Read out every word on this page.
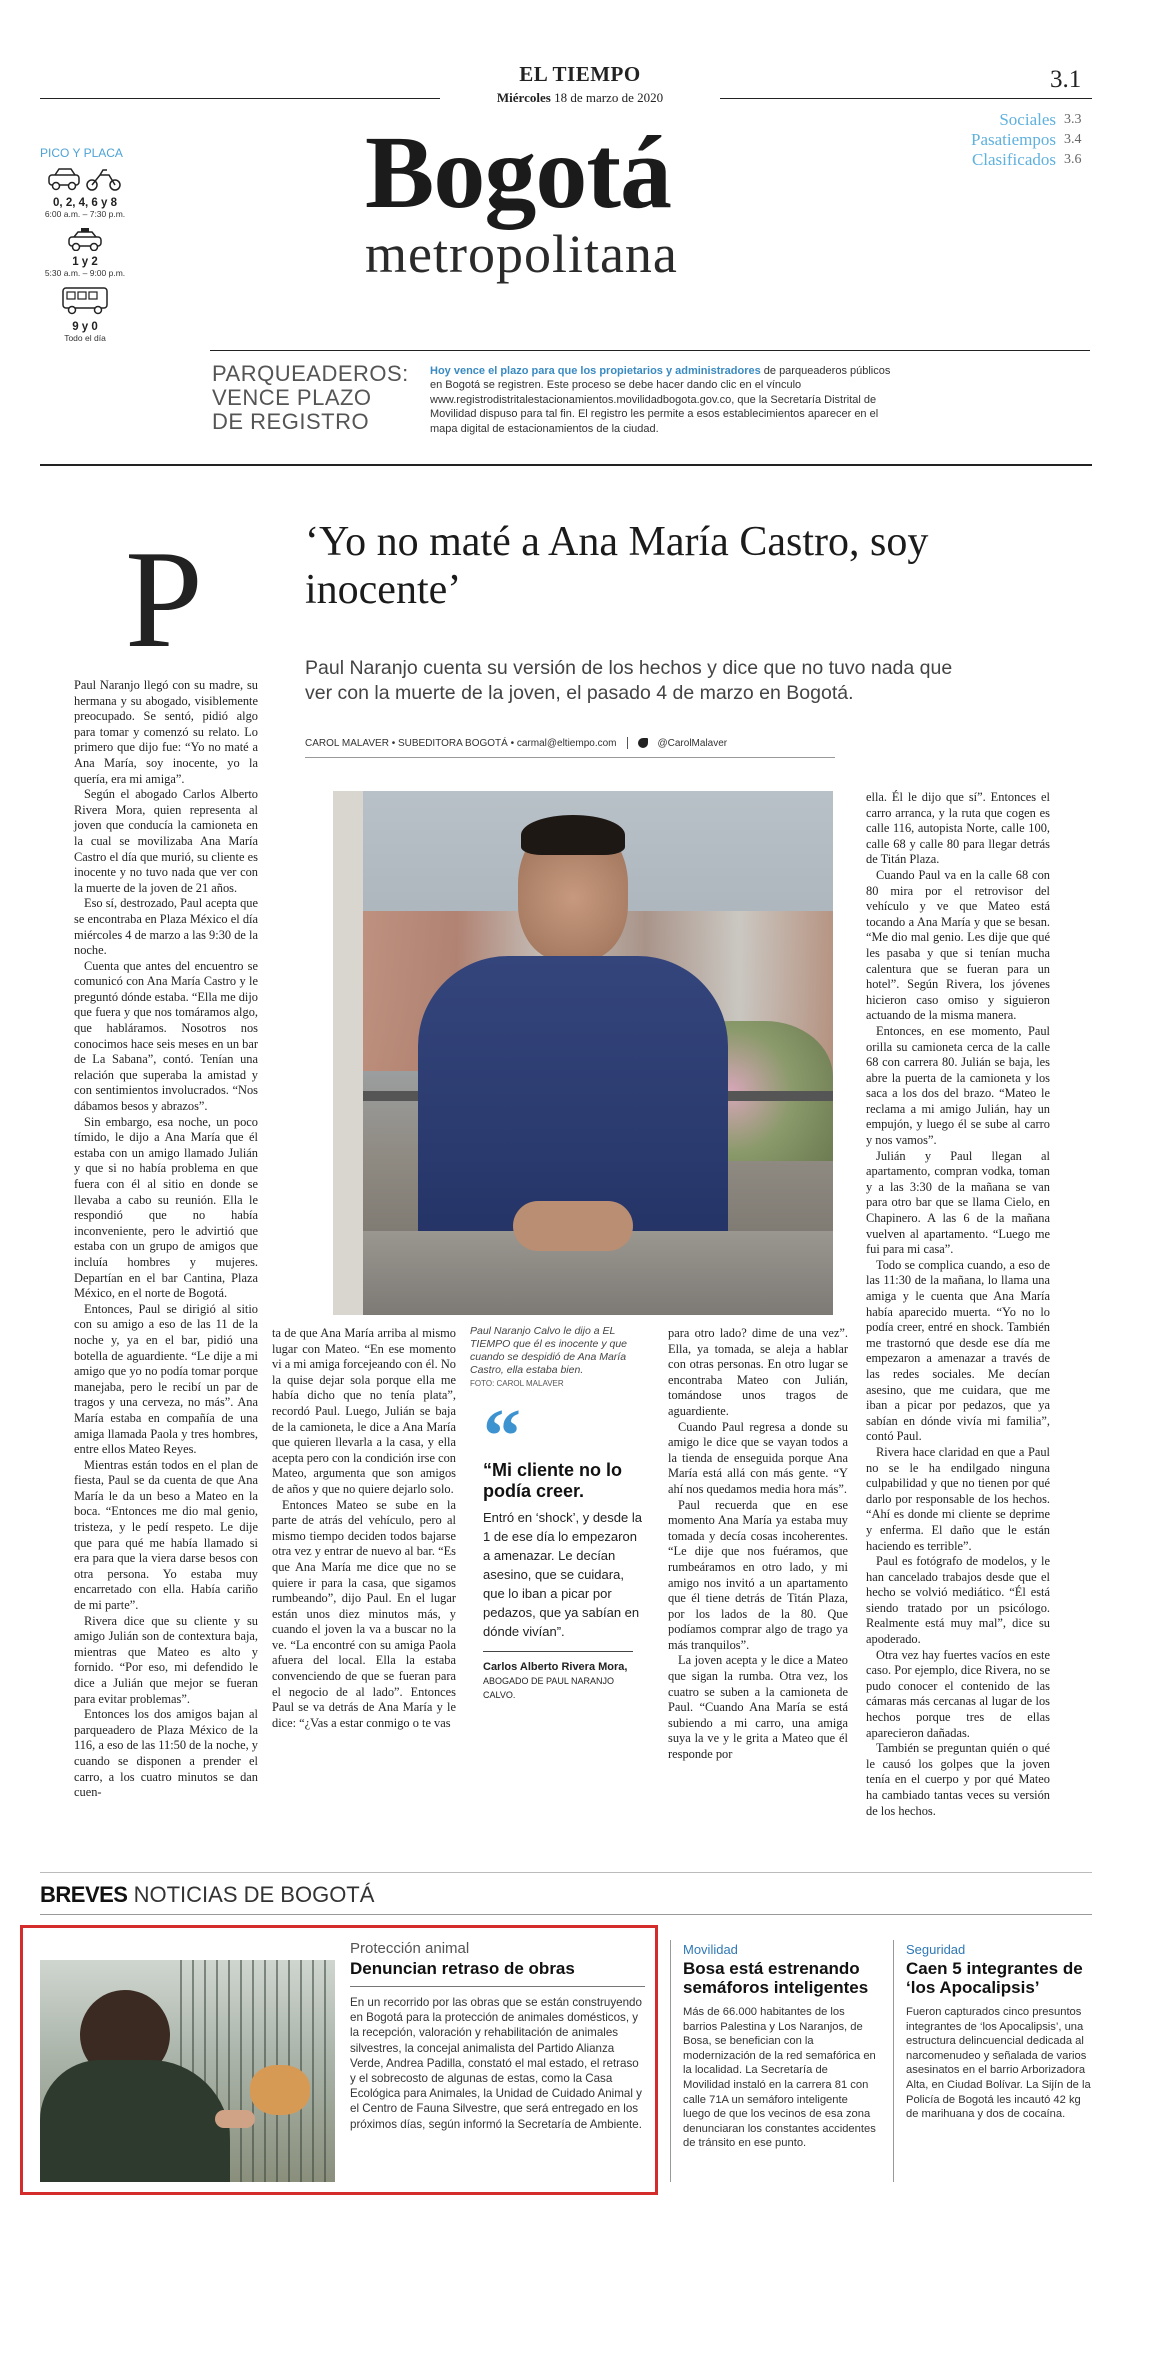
EL TIEMPO
Miércoles 18 de marzo de 2020
3.1
Sociales 3.3
Pasatiempos 3.4
Clasificados 3.6
Bogotá
metropolitana
PICO Y PLACA
0, 2, 4, 6 y 8
6:00 a.m. – 7:30 p.m.
1 y 2
5:30 a.m. – 9:00 p.m.
9 y 0
Todo el día
PARQUEADEROS:
VENCE PLAZO
DE REGISTRO
Hoy vence el plazo para que los propietarios y administradores de parqueaderos públicos en Bogotá se registren. Este proceso se debe hacer dando clic en el vínculo www.registrodistritalestacionamientos.movilidadbogota.gov.co, que la Secretaría Distrital de Movilidad dispuso para tal fin. El registro les permite a esos establecimientos aparecer en el mapa digital de estacionamientos de la ciudad.
P ‘Yo no maté a Ana María Castro, soy inocente’
Paul Naranjo cuenta su versión de los hechos y dice que no tuvo nada que ver con la muerte de la joven, el pasado 4 de marzo en Bogotá.
CAROL MALAVER • SUBEDITORA BOGOTÁ • carmal@eltiempo.com	@CarolMalaver

Paul Naranjo llegó con su madre, su hermana y su abogado, visiblemente preocupado. Se sentó, pidió algo para tomar y comenzó su relato. Lo primero que dijo fue: “Yo no maté a Ana María, soy inocente, yo la quería, era mi amiga”.

Según el abogado Carlos Alberto Rivera Mora, quien representa al joven que conducía la camioneta en la cual se movilizaba Ana María Castro el día que murió, su cliente es inocente y no tuvo nada que ver con la muerte de la joven de 21 años.

Eso sí, destrozado, Paul acepta que se encontraba en Plaza México el día miércoles 4 de marzo a las 9:30 de la noche.

Cuenta que antes del encuentro se comunicó con Ana María Castro y le preguntó dónde estaba. “Ella me dijo que fuera y que nos tomáramos algo, que habláramos. Nosotros nos conocimos hace seis meses en un bar de La Sabana”, contó. Tenían una relación que superaba la amistad y con sentimientos involucrados. “Nos dábamos besos y abrazos”.

Sin embargo, esa noche, un poco tímido, le dijo a Ana María que él estaba con un amigo llamado Julián y que si no había problema en que fuera con él al sitio en donde se llevaba a cabo su reunión. Ella le respondió que no había inconveniente, pero le advirtió que estaba con un grupo de amigos que incluía hombres y mujeres. Departían en el bar Cantina, Plaza México, en el norte de Bogotá.

Entonces, Paul se dirigió al sitio con su amigo a eso de las 11 de la noche y, ya en el bar, pidió una botella de aguardiente. “Le dije a mi amigo que yo no podía tomar porque manejaba, pero le recibí un par de tragos y una cerveza, no más”. Ana María estaba en compañía de una amiga llamada Paola y tres hombres, entre ellos Mateo Reyes.

Mientras están todos en el plan de fiesta, Paul se da cuenta de que Ana María le da un beso a Mateo en la boca. “Entonces me dio mal genio, tristeza, y le pedí respeto. Le dije que para qué me había llamado si era para que la viera darse besos con otra persona. Yo estaba muy encarretado con ella. Había cariño de mi parte”.

Rivera dice que su cliente y su amigo Julián son de contextura baja, mientras que Mateo es alto y fornido. “Por eso, mi defendido le dice a Julián que mejor se fueran para evitar problemas”.

Entonces los dos amigos bajan al parqueadero de Plaza México de la 116, a eso de las 11:50 de la noche, y cuando se disponen a prender el carro, a los cuatro minutos se dan cuen-

Paul Naranjo Calvo le dijo a EL TIEMPO que él es inocente y que cuando se despidió de Ana María Castro, ella estaba bien.
FOTO: CAROL MALAVER

ta de que Ana María arriba al mismo lugar con Mateo. “En ese momento vi a mi amiga forcejeando con él. No la quise dejar sola porque ella me había dicho que no tenía plata”, recordó Paul. Luego, Julián se baja de la camioneta, le dice a Ana María que quieren llevarla a la casa, y ella acepta pero con la condición irse con Mateo, argumenta que son amigos de años y que no quiere dejarlo solo.

Entonces Mateo se sube en la parte de atrás del vehículo, pero al mismo tiempo deciden todos bajarse otra vez y entrar de nuevo al bar. “Es que Ana María me dice que no se quiere ir para la casa, que sigamos rumbeando”, dijo Paul. En el lugar están unos diez minutos más, y cuando el joven la va a buscar no la ve. “La encontré con su amiga Paola afuera del local. Ella la estaba convenciendo de que se fueran para el negocio de al lado”. Entonces Paul se va detrás de Ana María y le dice: “¿Vas a estar conmigo o te vas

“
“Mi cliente no lo podía creer.
Entró en ‘shock’, y desde la 1 de ese día lo empezaron a amenazar. Le decían asesino, que se cuidara, que lo iban a picar por pedazos, que ya sabían en dónde vivían”.
Carlos Alberto Rivera Mora, ABOGADO DE PAUL NARANJO CALVO.

para otro lado? dime de una vez”. Ella, ya tomada, se aleja a hablar con otras personas. En otro lugar se encontraba Mateo con Julián, tomándose unos tragos de aguardiente.

Cuando Paul regresa a donde su amigo le dice que se vayan todos a la tienda de enseguida porque Ana María está allá con más gente. “Y ahí nos quedamos media hora más”.

Paul recuerda que en ese momento Ana María ya estaba muy tomada y decía cosas incoherentes. “Le dije que nos fuéramos, que rumbeáramos en otro lado, y mi amigo nos invitó a un apartamento que él tiene detrás de Titán Plaza, por los lados de la 80. Que podíamos comprar algo de trago ya más tranquilos”.

La joven acepta y le dice a Mateo que sigan la rumba. Otra vez, los cuatro se suben a la camioneta de Paul. “Cuando Ana María se está subiendo a mi carro, una amiga suya la ve y le grita a Mateo que él responde por

ella. Él le dijo que sí”. Entonces el carro arranca, y la ruta que cogen es calle 116, autopista Norte, calle 100, calle 68 y calle 80 para llegar detrás de Titán Plaza.

Cuando Paul va en la calle 68 con 80 mira por el retrovisor del vehículo y ve que Mateo está tocando a Ana María y que se besan. “Me dio mal genio. Les dije que qué les pasaba y que si tenían mucha calentura que se fueran para un hotel”. Según Rivera, los jóvenes hicieron caso omiso y siguieron actuando de la misma manera.

Entonces, en ese momento, Paul orilla su camioneta cerca de la calle 68 con carrera 80. Julián se baja, les abre la puerta de la camioneta y los saca a los dos del brazo. “Mateo le reclama a mi amigo Julián, hay un empujón, y luego él se sube al carro y nos vamos”.

Julián y Paul llegan al apartamento, compran vodka, toman y a las 3:30 de la mañana se van para otro bar que se llama Cielo, en Chapinero. A las 6 de la mañana vuelven al apartamento. “Luego me fui para mi casa”.

Todo se complica cuando, a eso de las 11:30 de la mañana, lo llama una amiga y le cuenta que Ana María había aparecido muerta. “Yo no lo podía creer, entré en shock. También me trastornó que desde ese día me empezaron a amenazar a través de las redes sociales. Me decían asesino, que me cuidara, que me iban a picar por pedazos, que ya sabían en dónde vivía mi familia”, contó Paul.

Rivera hace claridad en que a Paul no se le ha endilgado ninguna culpabilidad y que no tienen por qué darlo por responsable de los hechos. “Ahí es donde mi cliente se deprime y enferma. El daño que le están haciendo es terrible”.

Paul es fotógrafo de modelos, y le han cancelado trabajos desde que el hecho se volvió mediático. “Él está siendo tratado por un psicólogo. Realmente está muy mal”, dice su apoderado.

Otra vez hay fuertes vacíos en este caso. Por ejemplo, dice Rivera, no se pudo conocer el contenido de las cámaras más cercanas al lugar de los hechos porque tres de ellas aparecieron dañadas.

También se preguntan quién o qué le causó los golpes que la joven tenía en el cuerpo y por qué Mateo ha cambiado tantas veces su versión de los hechos.

BREVES NOTICIAS DE BOGOTÁ
Protección animal
Denuncian retraso de obras

En un recorrido por las obras que se están construyendo en Bogotá para la protección de animales domésticos, y la recepción, valoración y rehabilitación de animales silvestres, la concejal animalista del Partido Alianza Verde, Andrea Padilla, constató el mal estado, el retraso y el sobrecosto de algunas de estas, como la Casa Ecológica para Animales, la Unidad de Cuidado Animal y el Centro de Fauna Silvestre, que será entregado en los próximos días, según informó la Secretaría de Ambiente.

Movilidad
Bosa está estrenando semáforos inteligentes

Más de 66.000 habitantes de los barrios Palestina y Los Naranjos, de Bosa, se benefician con la modernización de la red semafórica en la localidad. La Secretaría de Movilidad instaló en la carrera 81 con calle 71A un semáforo inteligente luego de que los vecinos de esa zona denunciaran los constantes accidentes de tránsito en ese punto.

Seguridad
Caen 5 integrantes de ‘los Apocalipsis’

Fueron capturados cinco presuntos integrantes de ‘los Apocalipsis’, una estructura delincuencial dedicada al narcomenudeo y señalada de varios asesinatos en el barrio Arborizadora Alta, en Ciudad Bolívar. La Sijín de la Policía de Bogotá les incautó 42 kg de marihuana y dos de cocaína.
